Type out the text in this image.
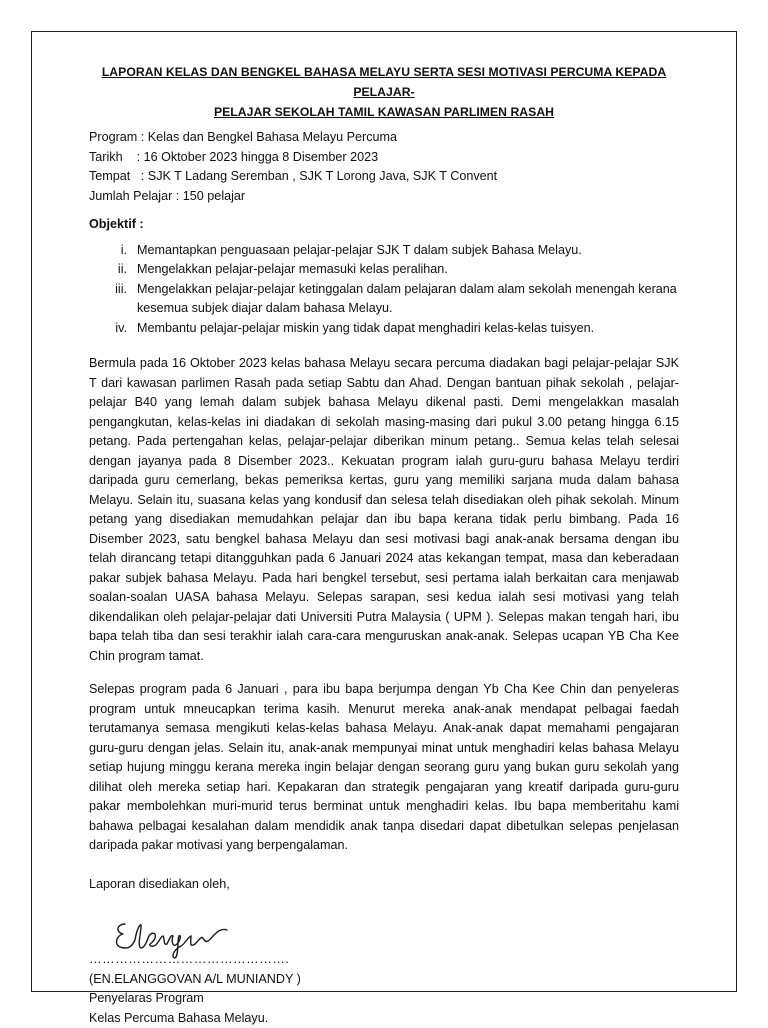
LAPORAN KELAS DAN BENGKEL BAHASA MELAYU SERTA SESI MOTIVASI PERCUMA KEPADA PELAJAR-
PELAJAR SEKOLAH TAMIL KAWASAN PARLIMEN RASAH

Program : Kelas dan Bengkel Bahasa Melayu Percuma

Tarikh    : 16 Oktober 2023 hingga 8 Disember 2023

Tempat   : SJK T Ladang Seremban , SJK T Lorong Java, SJK T Convent

Jumlah Pelajar : 150 pelajar

Objektif :
i. Memantapkan penguasaan pelajar-pelajar SJK T dalam subjek Bahasa Melayu.
ii. Mengelakkan pelajar-pelajar memasuki kelas peralihan.
iii. Mengelakkan pelajar-pelajar ketinggalan dalam pelajaran dalam alam sekolah menengah kerana kesemua subjek diajar dalam bahasa Melayu.
iv. Membantu pelajar-pelajar miskin yang tidak dapat menghadiri kelas-kelas tuisyen.

Bermula pada 16 Oktober 2023 kelas bahasa Melayu secara percuma diadakan bagi pelajar-pelajar SJK T dari kawasan parlimen Rasah pada setiap Sabtu dan Ahad. Dengan bantuan pihak sekolah , pelajar-pelajar B40 yang lemah dalam subjek bahasa Melayu dikenal pasti. Demi mengelakkan masalah pengangkutan, kelas-kelas ini diadakan di sekolah masing-masing dari pukul 3.00 petang hingga 6.15 petang. Pada pertengahan kelas, pelajar-pelajar diberikan minum petang.. Semua kelas telah selesai dengan jayanya pada 8 Disember 2023.. Kekuatan program ialah guru-guru bahasa Melayu terdiri daripada guru cemerlang, bekas pemeriksa kertas, guru yang memiliki sarjana muda dalam bahasa Melayu. Selain itu, suasana kelas yang kondusif dan selesa telah disediakan oleh pihak sekolah. Minum petang yang disediakan memudahkan pelajar dan ibu bapa kerana tidak perlu bimbang. Pada 16 Disember 2023, satu bengkel bahasa Melayu dan sesi motivasi bagi anak-anak bersama dengan ibu telah dirancang tetapi ditangguhkan pada 6 Januari 2024 atas kekangan tempat, masa dan keberadaan pakar subjek bahasa Melayu. Pada hari bengkel tersebut, sesi pertama ialah berkaitan cara menjawab soalan-soalan UASA bahasa Melayu. Selepas sarapan, sesi kedua ialah sesi motivasi yang telah dikendalikan oleh pelajar-pelajar dati Universiti Putra Malaysia ( UPM ). Selepas makan tengah hari, ibu bapa telah tiba dan sesi terakhir ialah cara-cara menguruskan anak-anak. Selepas ucapan YB Cha Kee Chin program tamat.

Selepas program pada 6 Januari , para ibu bapa berjumpa dengan Yb Cha Kee Chin dan penyeleras program untuk mneucapkan terima kasih. Menurut mereka anak-anak mendapat pelbagai faedah terutamanya semasa mengikuti kelas-kelas bahasa Melayu. Anak-anak dapat memahami pengajaran guru-guru dengan jelas. Selain itu, anak-anak mempunyai minat untuk menghadiri kelas bahasa Melayu setiap hujung minggu kerana mereka ingin belajar dengan seorang guru yang bukan guru sekolah yang dilihat oleh mereka setiap hari. Kepakaran dan strategik pengajaran yang kreatif daripada guru-guru pakar membolehkan muri-murid terus berminat untuk menghadiri kelas. Ibu bapa memberitahu kami bahawa pelbagai kesalahan dalam mendidik anak tanpa disedari dapat dibetulkan selepas penjelasan daripada pakar motivasi yang berpengalaman.

Laporan disediakan oleh,

……………………………………….

(EN.ELANGGOVAN A/L MUNIANDY )

Penyelaras Program

Kelas Percuma Bahasa Melayu.
